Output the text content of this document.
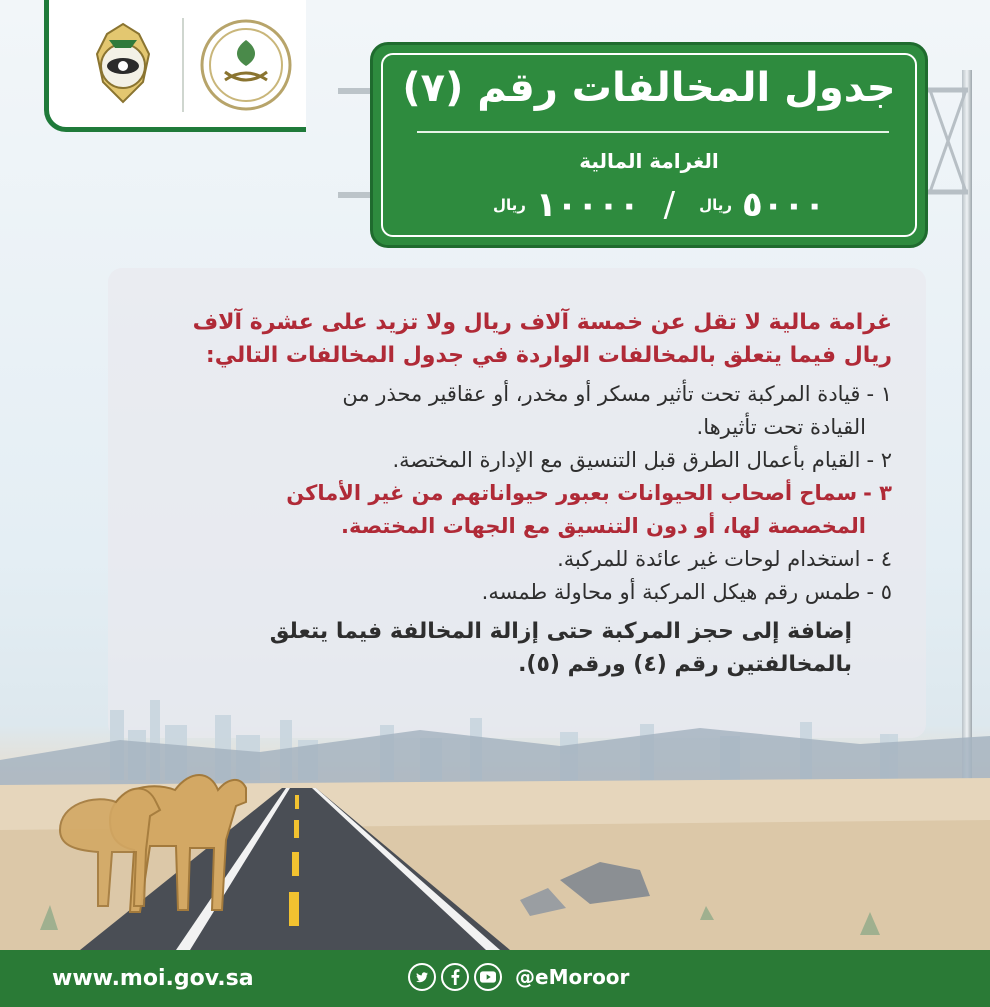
جدول المخالفات رقم (٧)
الغرامة المالية
٥٠٠٠
ريال
/
١٠٠٠٠
ريال

غرامة مالية لا تقل عن خمسة آلاف ريال ولا تزيد على عشرة آلاف

ريال فيما يتعلق بالمخالفات الواردة في جدول المخالفات التالي:

١ -قيادة المركبة تحت تأثير مسكر أو مخدر، أو عقاقير محذر من

القيادة تحت تأثيرها.

٢ -القيام بأعمال الطرق قبل التنسيق مع الإدارة المختصة.

٣ -سماح أصحاب الحيوانات بعبور حيواناتهم من غير الأماكن

المخصصة لها، أو دون التنسيق مع الجهات المختصة.

٤ -استخدام لوحات غير عائدة للمركبة.

٥ -طمس رقم هيكل المركبة أو محاولة طمسه.

إضافة إلى حجز المركبة حتى إزالة المخالفة فيما يتعلق

بالمخالفتين رقم (٤) ورقم (٥).

www.moi.gov.sa	@eMoroor
